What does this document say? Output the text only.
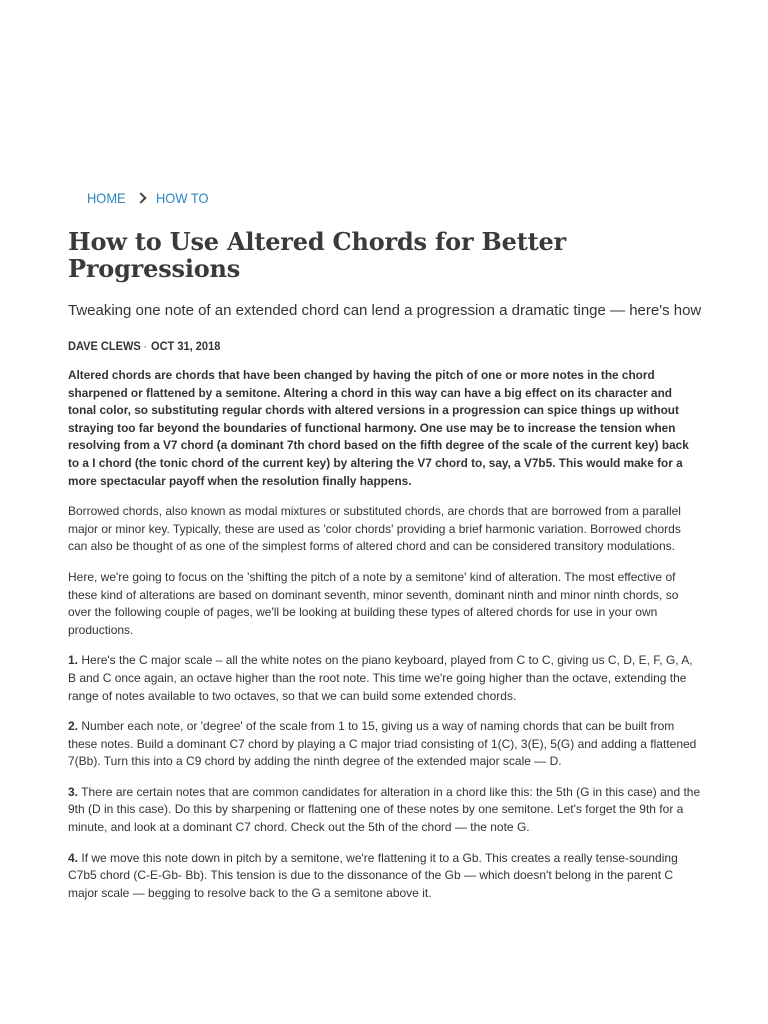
HOME HOW TO
How to Use Altered Chords for Better Progressions
Tweaking one note of an extended chord can lend a progression a dramatic tinge — here's how
DAVE CLEWS · OCT 31, 2018

Altered chords are chords that have been changed by having the pitch of one or more notes in the chord sharpened or flattened by a semitone. Altering a chord in this way can have a big effect on its character and tonal color, so substituting regular chords with altered versions in a progression can spice things up without straying too far beyond the boundaries of functional harmony. One use may be to increase the tension when resolving from a V7 chord (a dominant 7th chord based on the fifth degree of the scale of the current key) back to a I chord (the tonic chord of the current key) by altering the V7 chord to, say, a V7b5. This would make for a more spectacular payoff when the resolution finally happens.

Borrowed chords, also known as modal mixtures or substituted chords, are chords that are borrowed from a parallel major or minor key. Typically, these are used as 'color chords' providing a brief harmonic variation. Borrowed chords can also be thought of as one of the simplest forms of altered chord and can be considered transitory modulations.

Here, we're going to focus on the 'shifting the pitch of a note by a semitone' kind of alteration. The most effective of these kind of alterations are based on dominant seventh, minor seventh, dominant ninth and minor ninth chords, so over the following couple of pages, we'll be looking at building these types of altered chords for use in your own productions.

1. Here's the C major scale – all the white notes on the piano keyboard, played from C to C, giving us C, D, E, F, G, A, B and C once again, an octave higher than the root note. This time we're going higher than the octave, extending the range of notes available to two octaves, so that we can build some extended chords.

2. Number each note, or 'degree' of the scale from 1 to 15, giving us a way of naming chords that can be built from these notes. Build a dominant C7 chord by playing a C major triad consisting of 1(C), 3(E), 5(G) and adding a flattened 7(Bb). Turn this into a C9 chord by adding the ninth degree of the extended major scale — D.

3. There are certain notes that are common candidates for alteration in a chord like this: the 5th (G in this case) and the 9th (D in this case). Do this by sharpening or flattening one of these notes by one semitone. Let's forget the 9th for a minute, and look at a dominant C7 chord. Check out the 5th of the chord — the note G.

4. If we move this note down in pitch by a semitone, we're flattening it to a Gb. This creates a really tense-sounding C7b5 chord (C-E-Gb- Bb). This tension is due to the dissonance of the Gb — which doesn't belong in the parent C major scale — begging to resolve back to the G a semitone above it.
